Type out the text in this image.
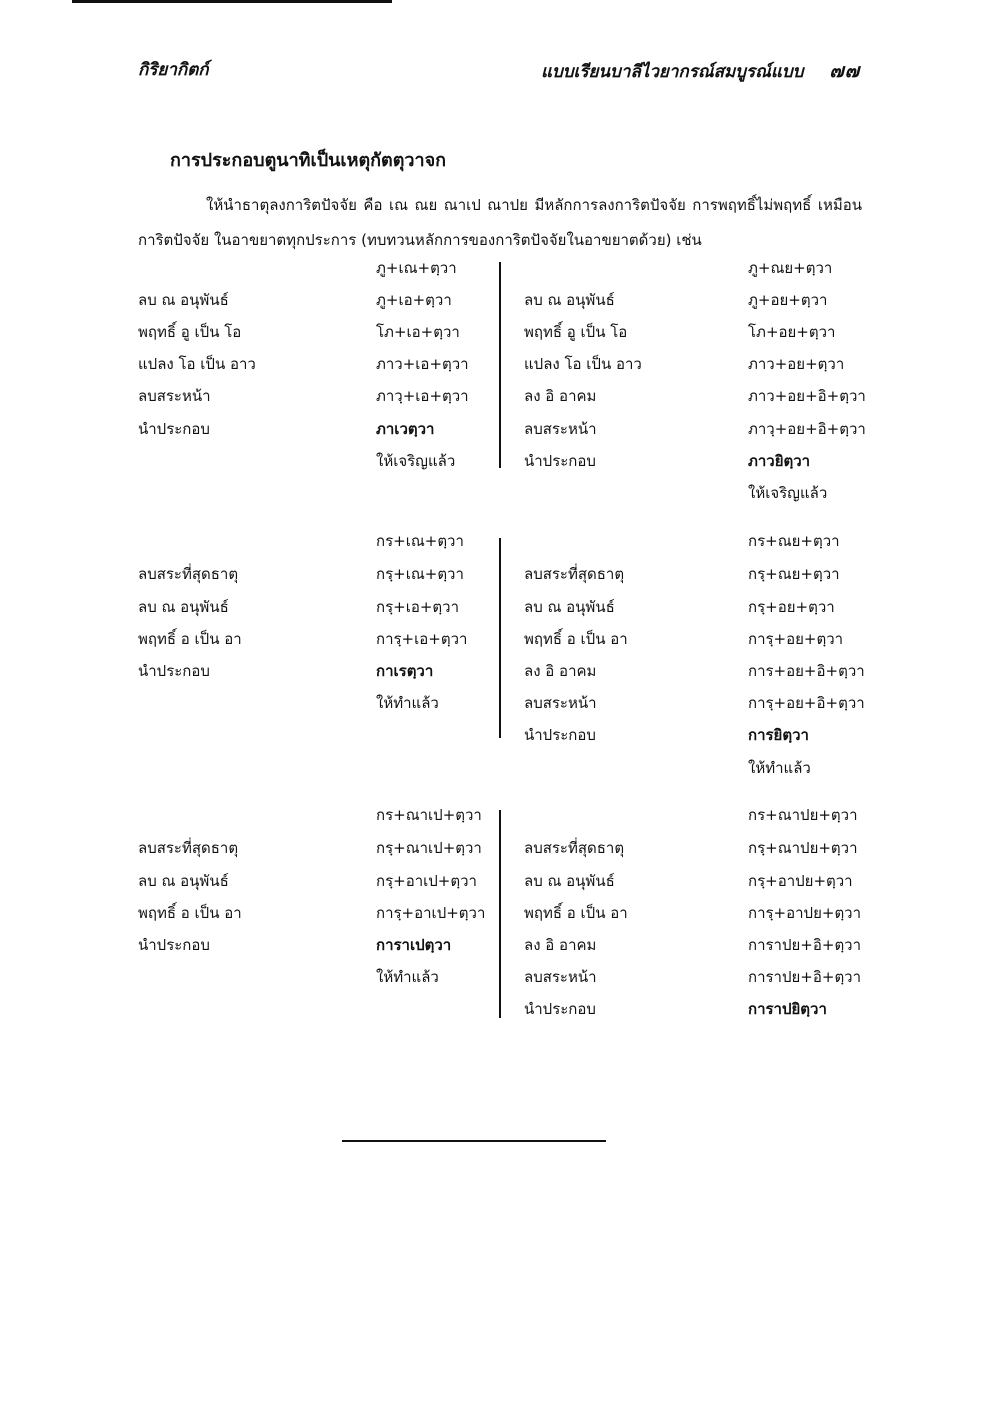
กิริยากิตก์	แบบเรียนบาลีไวยากรณ์สมบูรณ์แบบ ๗๗
การประกอบตูนาทิเป็นเหตุกัตตุวาจก
ให้นำธาตุลงการิตปัจจัย คือ เณ ณย ณาเป ณาปย มีหลักการลงการิตปัจจัย การพฤทธิ์ไม่พฤทธิ์ เหมือนการิตปัจจัย ในอาขยาตทุกประการ (ทบทวนหลักการของการิตปัจจัยในอาขยาตด้วย) เช่น
ลบ ณ อนุพันธ์
พฤทธิ์ อู เป็น โอ
แปลง โอ เป็น อาว
ลบสระหน้า
นำประกอบ
ภู+เณ+ตฺวา
ภู+เอ+ตฺวา
โภ+เอ+ตฺวา
ภาว+เอ+ตฺวา
ภาวฺ+เอ+ตฺวา
ภาเวตฺวา
ให้เจริญแล้ว
ลบ ณ อนุพันธ์
พฤทธิ์ อู เป็น โอ
แปลง โอ เป็น อาว
ลง อิ อาคม
ลบสระหน้า
นำประกอบ
ภู+ณย+ตฺวา
ภู+อย+ตฺวา
โภ+อย+ตฺวา
ภาว+อย+ตฺวา
ภาว+อย+อิ+ตฺวา
ภาวฺ+อย+อิ+ตฺวา
ภาวยิตฺวา
ให้เจริญแล้ว
ลบสระที่สุดธาตุ
ลบ ณ อนุพันธ์
พฤทธิ์ อ เป็น อา
นำประกอบ
กร+เณ+ตฺวา
กรฺ+เณ+ตฺวา
กรฺ+เอ+ตฺวา
การฺ+เอ+ตฺวา
กาเรตฺวา
ให้ทำแล้ว
ลบสระที่สุดธาตุ
ลบ ณ อนุพันธ์
พฤทธิ์ อ เป็น อา
ลง อิ อาคม
ลบสระหน้า
นำประกอบ
กร+ณย+ตฺวา
กรฺ+ณย+ตฺวา
กรฺ+อย+ตฺวา
การฺ+อย+ตฺวา
การ+อย+อิ+ตฺวา
การฺ+อย+อิ+ตฺวา
การยิตฺวา
ให้ทำแล้ว
ลบสระที่สุดธาตุ
ลบ ณ อนุพันธ์
พฤทธิ์ อ เป็น อา
นำประกอบ
กร+ณาเป+ตฺวา
กรฺ+ณาเป+ตฺวา
กรฺ+อาเป+ตฺวา
การฺ+อาเป+ตฺวา
การาเปตฺวา
ให้ทำแล้ว
ลบสระที่สุดธาตุ
ลบ ณ อนุพันธ์
พฤทธิ์ อ เป็น อา
ลง อิ อาคม
ลบสระหน้า
นำประกอบ
กร+ณาปย+ตฺวา
กรฺ+ณาปย+ตฺวา
กรฺ+อาปย+ตฺวา
การฺ+อาปย+ตฺวา
การาปย+อิ+ตฺวา
การาปย+อิ+ตฺวา
การาปยิตฺวา
